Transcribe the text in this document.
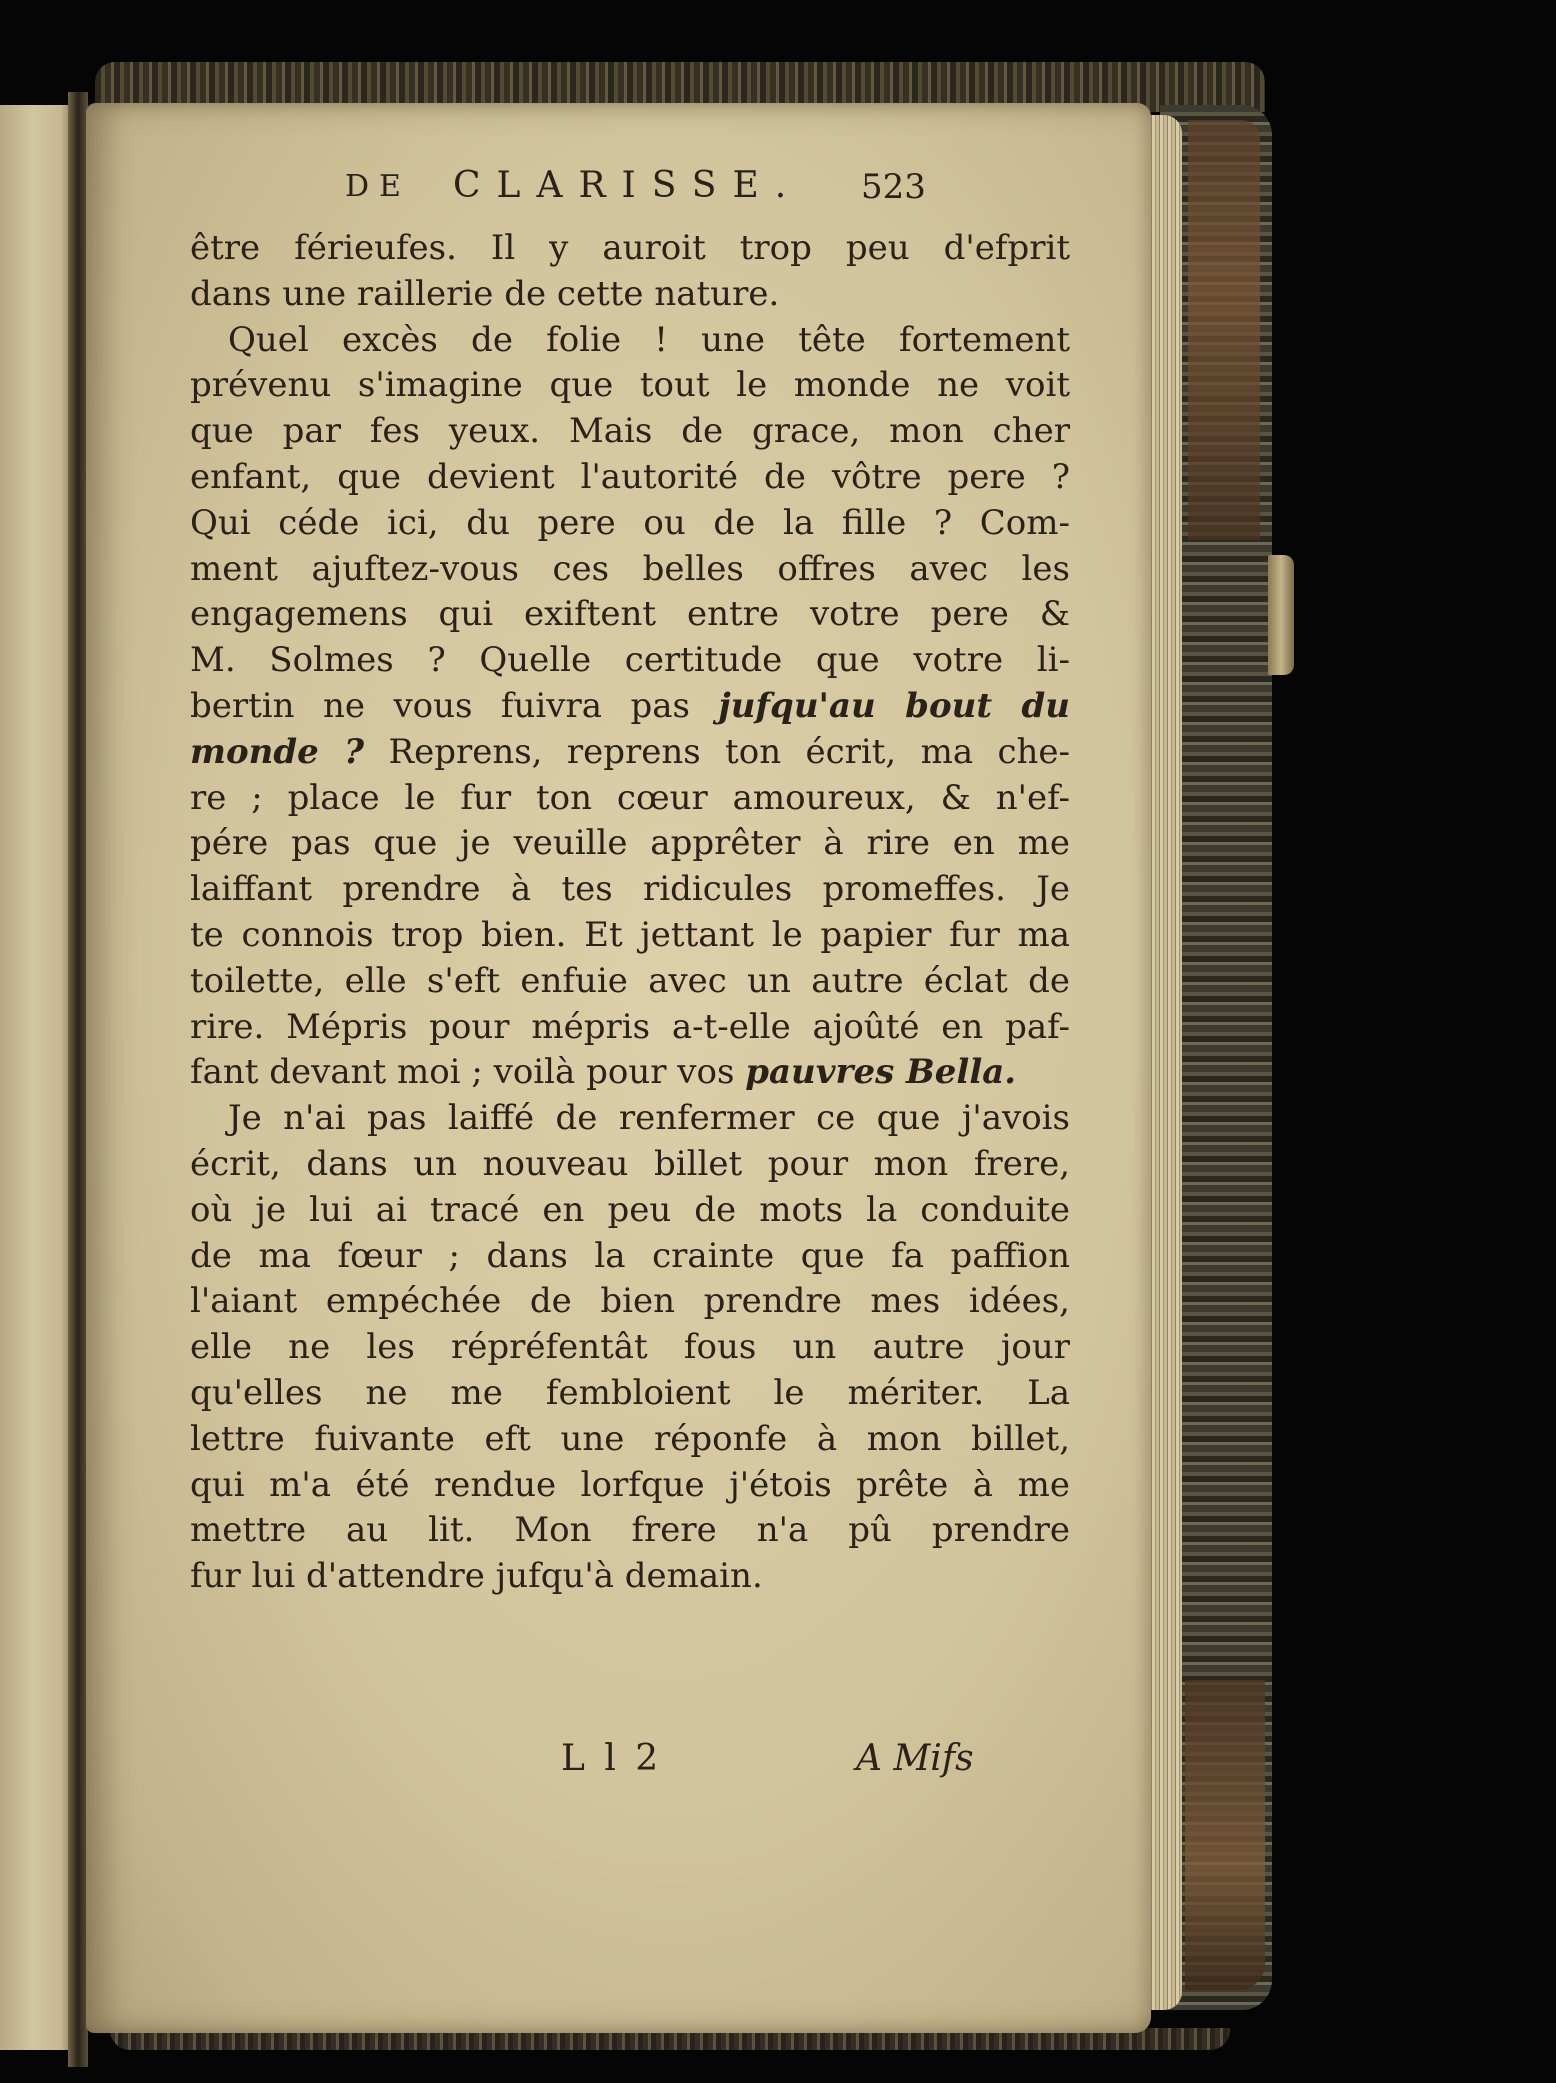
DE CLARISSE. 523
être férieufes. Il y auroit trop peu d'efprit
dans une raillerie de cette nature.
Quel excès de folie ! une tête fortement
prévenu s'imagine que tout le monde ne voit
que par fes yeux. Mais de grace, mon cher
enfant, que devient l'autorité de vôtre pere ?
Qui céde ici, du pere ou de la fille ? Com-
ment ajuftez-vous ces belles offres avec les
engagemens qui exiftent entre votre pere &
M. Solmes ? Quelle certitude que votre li-
bertin ne vous fuivra pas jufqu'au bout du
monde ? Reprens, reprens ton écrit, ma che-
re ; place le fur ton cœur amoureux, & n'ef-
pére pas que je veuille apprêter à rire en me
laiffant prendre à tes ridicules promeffes. Je
te connois trop bien. Et jettant le papier fur ma
toilette, elle s'eft enfuie avec un autre éclat de
rire. Mépris pour mépris a-t-elle ajoûté en paf-
fant devant moi ; voilà pour vos pauvres Bella.
Je n'ai pas laiffé de renfermer ce que j'avois
écrit, dans un nouveau billet pour mon frere,
où je lui ai tracé en peu de mots la conduite
de ma fœur ; dans la crainte que fa paffion
l'aiant empéchée de bien prendre mes idées,
elle ne les répréfentât fous un autre jour
qu'elles ne me fembloient le mériter. La
lettre fuivante eft une réponfe à mon billet,
qui m'a été rendue lorfque j'étois prête à me
mettre au lit. Mon frere n'a pû prendre
fur lui d'attendre jufqu'à demain.
L l 2	A Mifs
